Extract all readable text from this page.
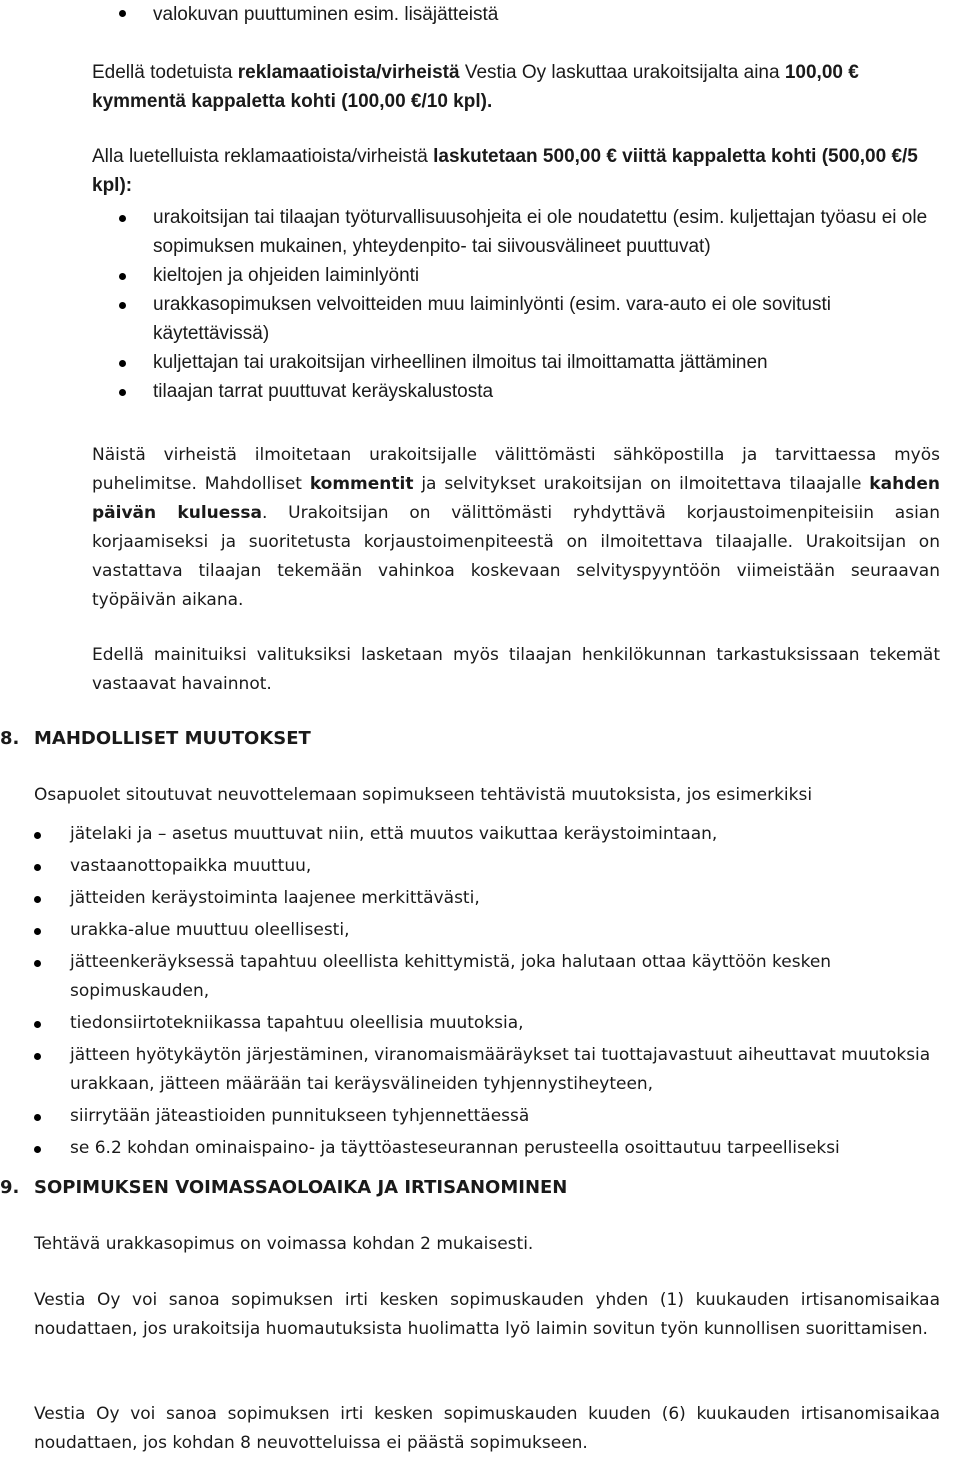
valokuvan puuttuminen esim. lisäjätteistä

Edellä todetuista reklamaatioista/virheistä Vestia Oy laskuttaa urakoitsijalta aina 100,00 € kymmentä kappaletta kohti (100,00 €/10 kpl).

Alla luetelluista reklamaatioista/virheistä laskutetaan 500,00 € viittä kappaletta kohti (500,00 €/5 kpl):

urakoitsijan tai tilaajan työturvallisuusohjeita ei ole noudatettu (esim. kuljettajan työasu ei ole sopimuksen mukainen, yhteydenpito- tai siivousvälineet puuttuvat)
kieltojen ja ohjeiden laiminlyönti
urakkasopimuksen velvoitteiden muu laiminlyönti (esim. vara-auto ei ole sovitusti käytettävissä)
kuljettajan tai urakoitsijan virheellinen ilmoitus tai ilmoittamatta jättäminen
tilaajan tarrat puuttuvat keräyskalustosta

Näistä virheistä ilmoitetaan urakoitsijalle välittömästi sähköpostilla ja tarvittaessa myös puhelimitse. Mahdolliset kommentit ja selvitykset urakoitsijan on ilmoitettava tilaajalle kahden päivän kuluessa. Urakoitsijan on välittömästi ryhdyttävä korjaustoimenpiteisiin asian korjaamiseksi ja suoritetusta korjaustoimenpiteestä on ilmoitettava tilaajalle. Urakoitsijan on vastattava tilaajan tekemään vahinkoa koskevaan selvityspyyntöön viimeistään seuraavan työpäivän aikana.

Edellä mainituiksi valituksiksi lasketaan myös tilaajan henkilökunnan tarkastuksissaan tekemät vastaavat havainnot.

8. MAHDOLLISET MUUTOKSET

Osapuolet sitoutuvat neuvottelemaan sopimukseen tehtävistä muutoksista, jos esimerkiksi

jätelaki ja – asetus muuttuvat niin, että muutos vaikuttaa keräystoimintaan,
vastaanottopaikka muuttuu,
jätteiden keräystoiminta laajenee merkittävästi,
urakka-alue muuttuu oleellisesti,
jätteenkeräyksessä tapahtuu oleellista kehittymistä, joka halutaan ottaa käyttöön kesken sopimuskauden,
tiedonsiirtotekniikassa tapahtuu oleellisia muutoksia,
jätteen hyötykäytön järjestäminen, viranomaismääräykset tai tuottajavastuut aiheuttavat muutoksia urakkaan, jätteen määrään tai keräysvälineiden tyhjennystiheyteen,
siirrytään jäteastioiden punnitukseen tyhjennettäessä
se 6.2 kohdan ominaispaino- ja täyttöasteseurannan perusteella osoittautuu tarpeelliseksi
9. SOPIMUKSEN VOIMASSAOLOAIKA JA IRTISANOMINEN

Tehtävä urakkasopimus on voimassa kohdan 2 mukaisesti.

Vestia Oy voi sanoa sopimuksen irti kesken sopimuskauden yhden (1) kuukauden irtisanomisaikaa noudattaen, jos urakoitsija huomautuksista huolimatta lyö laimin sovitun työn kunnollisen suorittamisen.

Vestia Oy voi sanoa sopimuksen irti kesken sopimuskauden kuuden (6) kuukauden irtisanomisaikaa noudattaen, jos kohdan 8 neuvotteluissa ei päästä sopimukseen.
